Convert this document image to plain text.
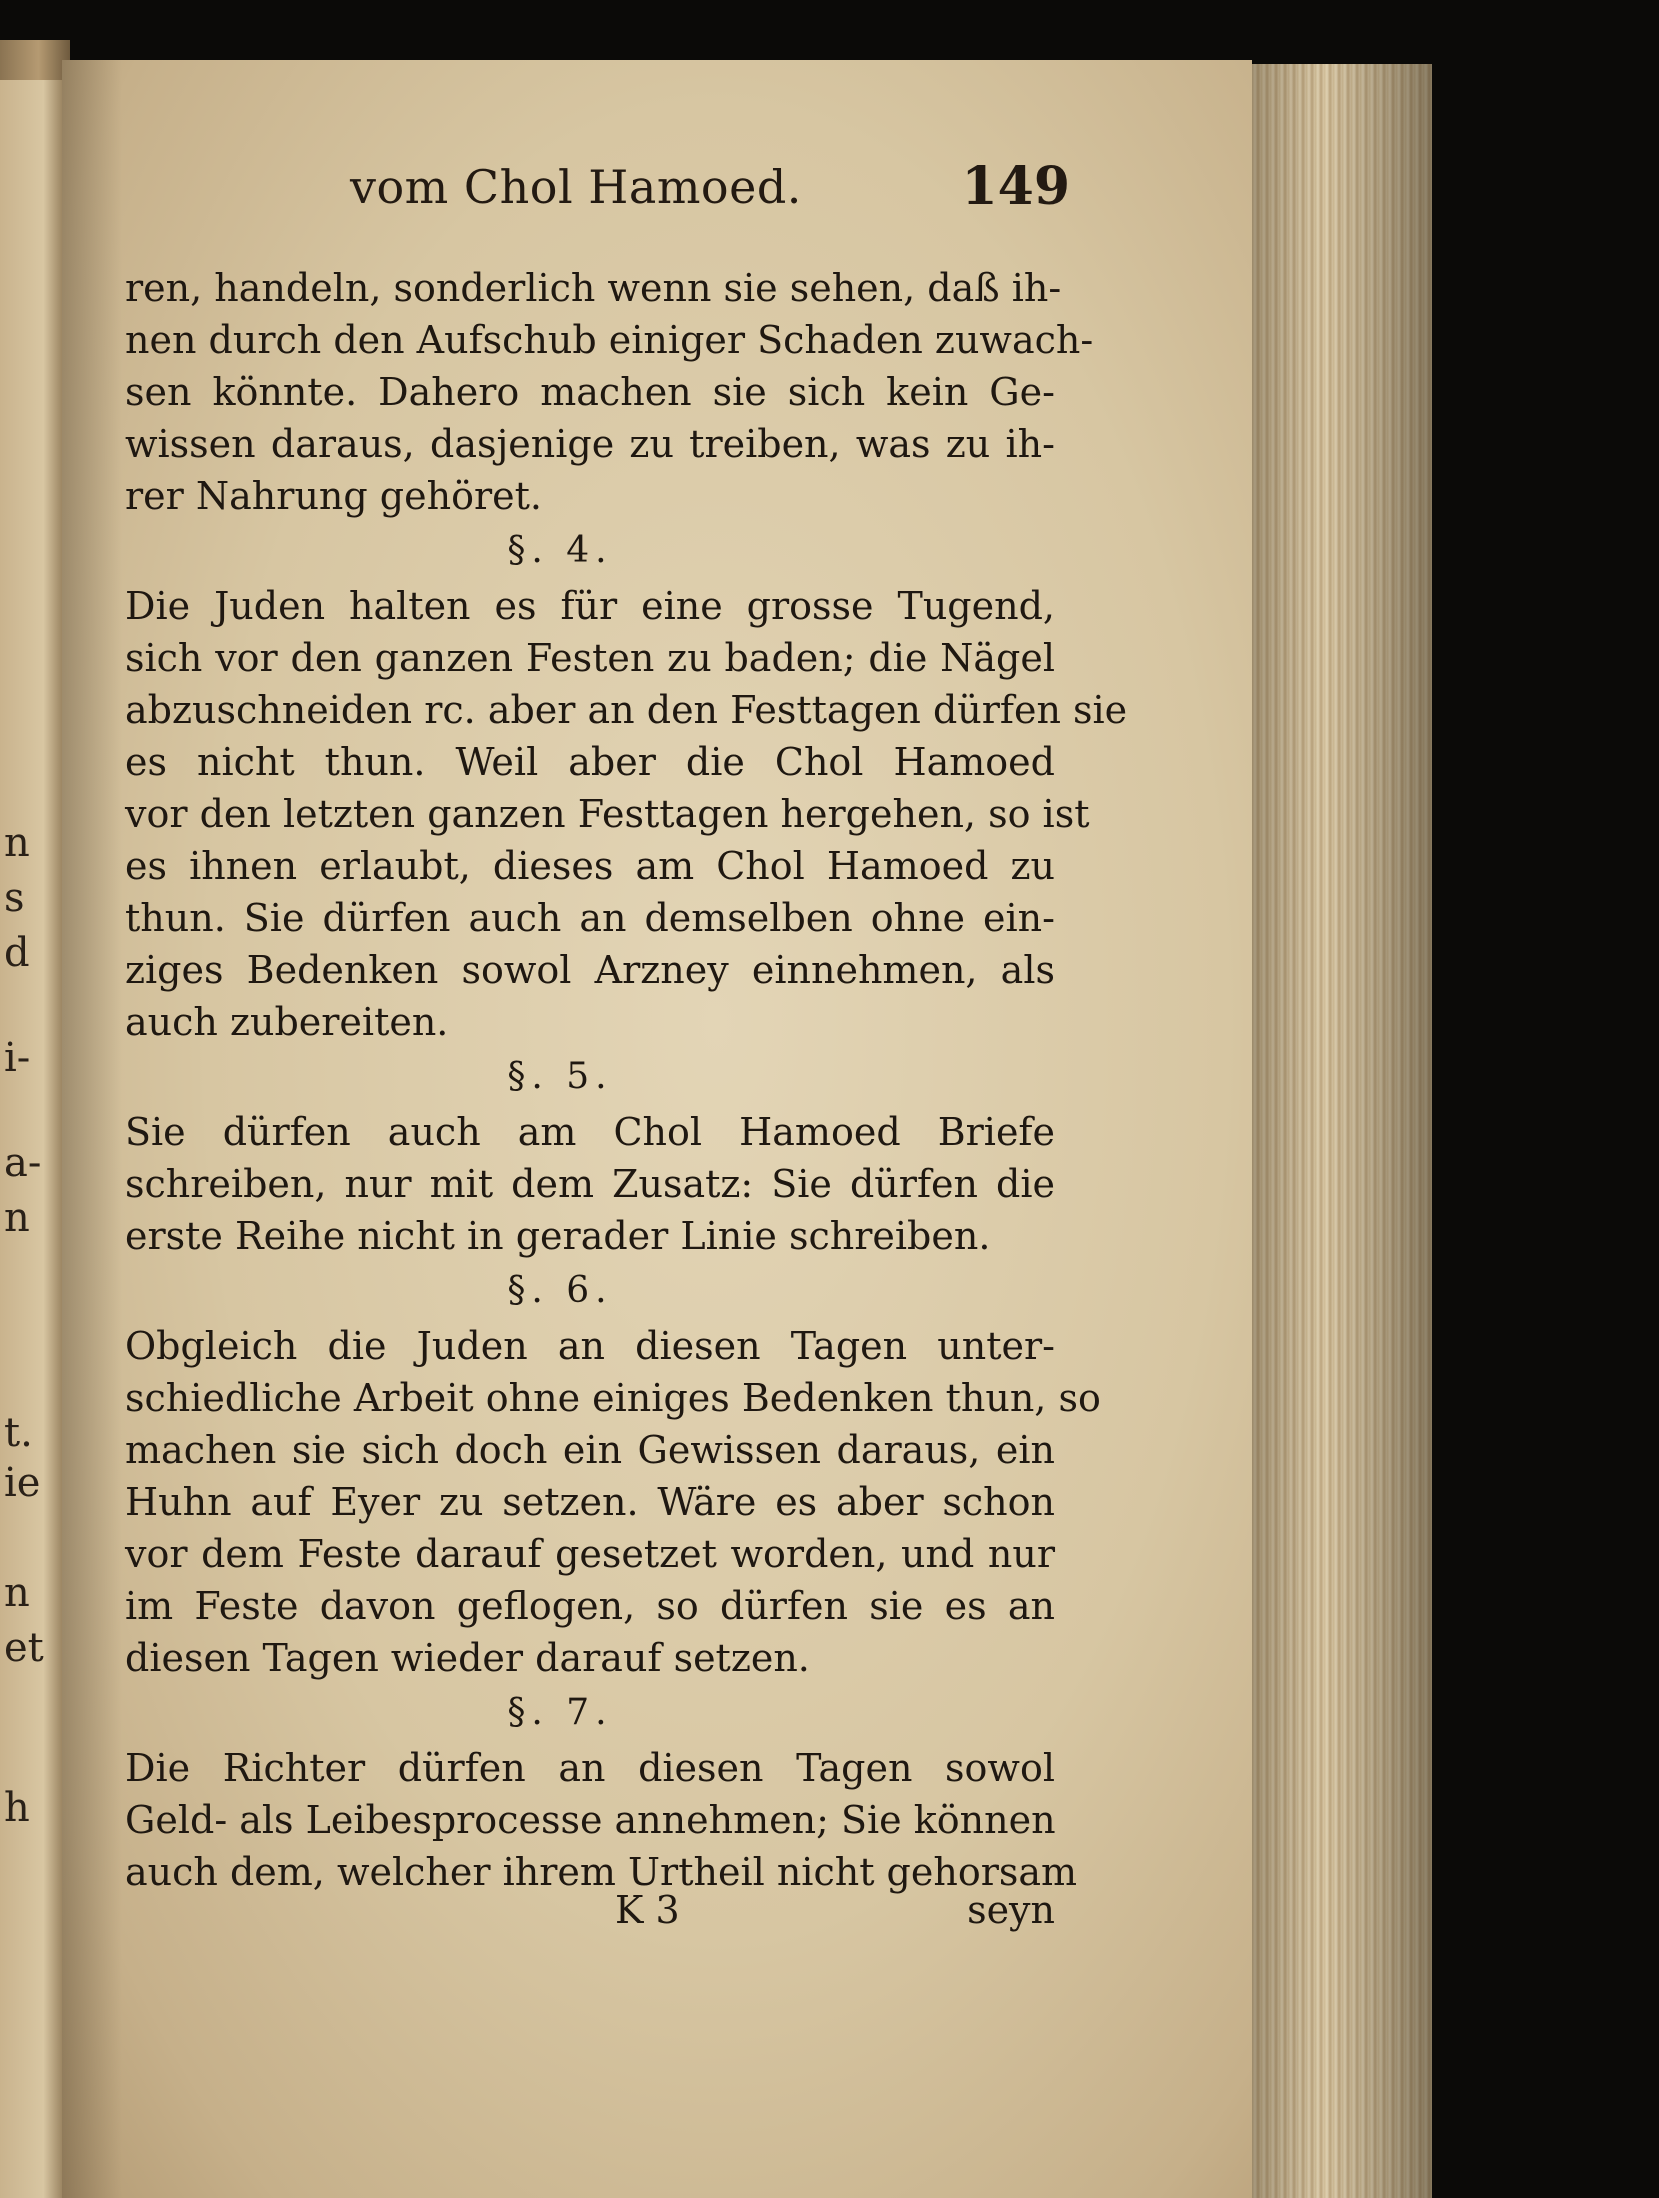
n
s
d
i-
a-
n
t.
ie
n
et
h
vom Chol Hamoed.	149
ren, handeln, sonderlich wenn sie sehen, daß ih-
nen durch den Aufschub einiger Schaden zuwach-
sen könnte. Dahero machen sie sich kein Ge-
wissen daraus, dasjenige zu treiben, was zu ih-
rer Nahrung gehöret.
§. 4.
Die Juden halten es für eine grosse Tugend,
sich vor den ganzen Festen zu baden; die Nägel
abzuschneiden rc. aber an den Festtagen dürfen sie
es nicht thun. Weil aber die Chol Hamoed
vor den letzten ganzen Festtagen hergehen, so ist
es ihnen erlaubt, dieses am Chol Hamoed zu
thun. Sie dürfen auch an demselben ohne ein-
ziges Bedenken sowol Arzney einnehmen, als
auch zubereiten.
§. 5.
Sie dürfen auch am Chol Hamoed Briefe
schreiben, nur mit dem Zusatz: Sie dürfen die
erste Reihe nicht in gerader Linie schreiben.
§. 6.
Obgleich die Juden an diesen Tagen unter-
schiedliche Arbeit ohne einiges Bedenken thun, so
machen sie sich doch ein Gewissen daraus, ein
Huhn auf Eyer zu setzen. Wäre es aber schon
vor dem Feste darauf gesetzet worden, und nur
im Feste davon geflogen, so dürfen sie es an
diesen Tagen wieder darauf setzen.
§. 7.
Die Richter dürfen an diesen Tagen sowol
Geld- als Leibesprocesse annehmen; Sie können
auch dem, welcher ihrem Urtheil nicht gehorsam
K 3	seyn
